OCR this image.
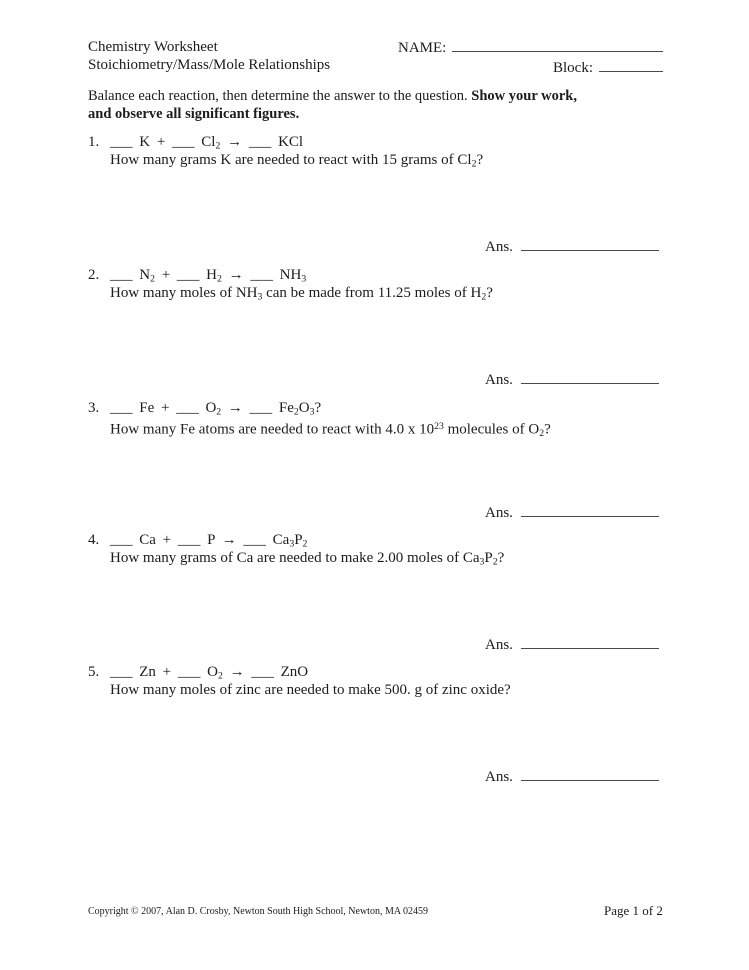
Chemistry Worksheet
Stoichiometry/Mass/Mole Relationships
NAME:
Block:

Balance each reaction, then determine the answer to the question. Show your work, and observe all significant figures.

1. ___ K + ___ $Cl_2$ → ___ KCl
How many grams K are needed to react with 15 grams of $Cl_2$?
Ans.
2. ___ $N_2$ + ___ $H_2$ → ___ $NH_3$
How many moles of $NH_3$ can be made from 11.25 moles of $H_2$?
Ans.
3. ___ Fe + ___ $O_2$ → ___ $Fe_2O_3$?
How many Fe atoms are needed to react with 4.0 x $10^{23}$ molecules of $O_2$?
Ans.
4. ___ Ca + ___ P → ___ $Ca_3P_2$
How many grams of Ca are needed to make 2.00 moles of $Ca_3P_2$?
Ans.
5. ___ Zn + ___ $O_2$ → ___ ZnO
How many moles of zinc are needed to make 500. g of zinc oxide?
Ans.
Copyright © 2007, Alan D. Crosby, Newton South High School, Newton, MA 02459	Page 1 of 2
